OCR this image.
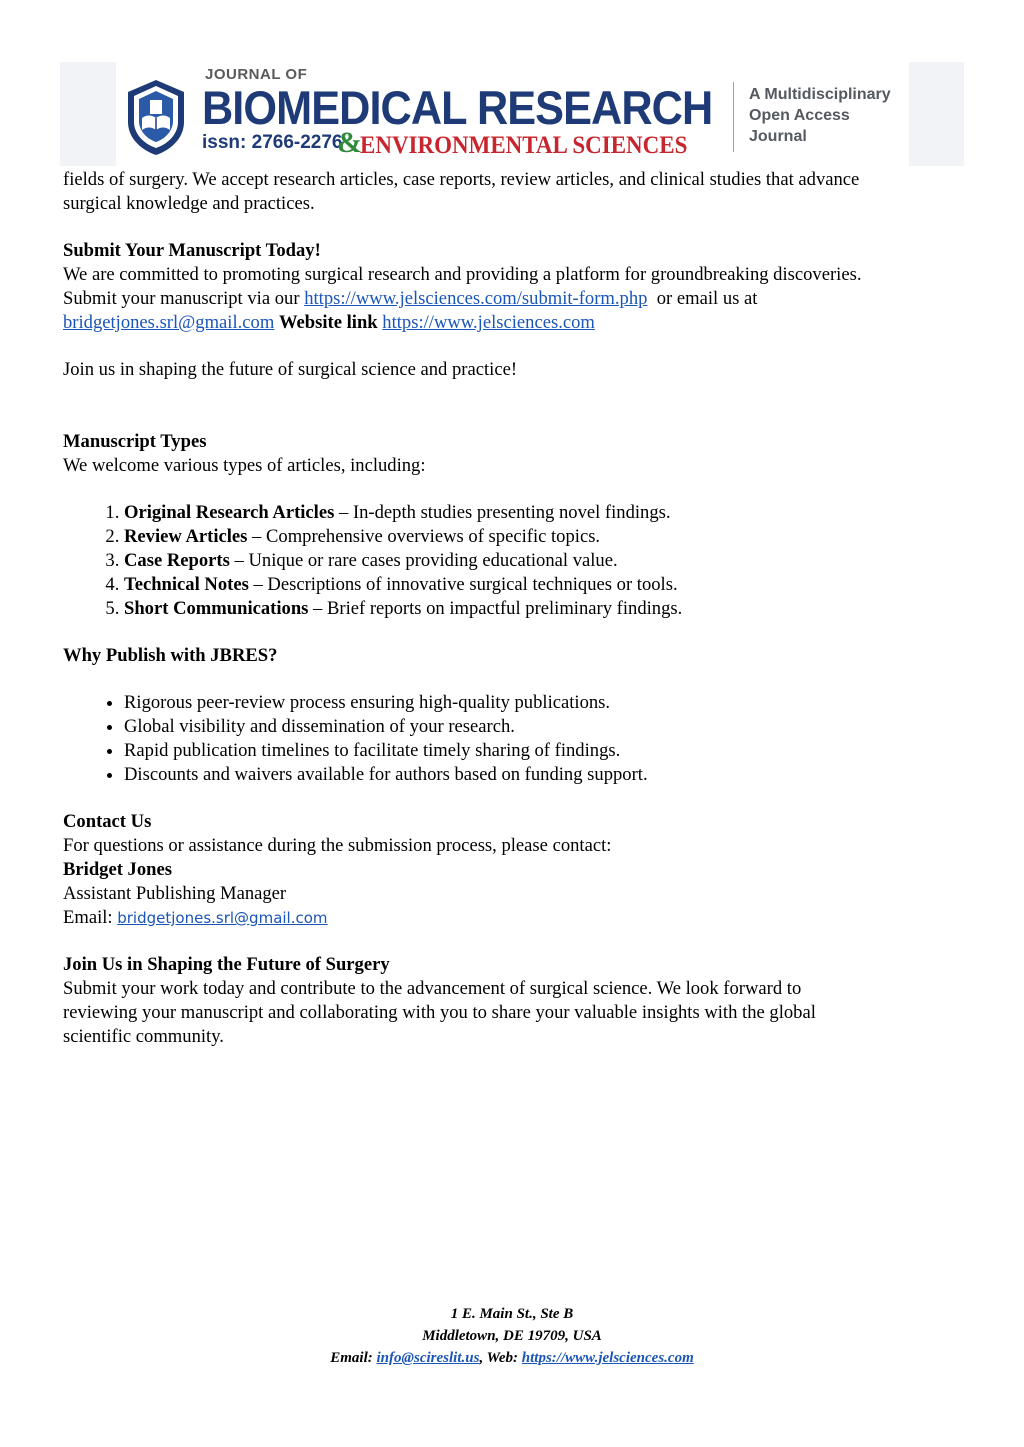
JOURNAL OF
BIOMEDICAL RESEARCH
issn: 2766-2276
&
ENVIRONMENTAL SCIENCES
A Multidisciplinary
Open Access
Journal

fields of surgery. We accept research articles, case reports, review articles, and clinical studies that advance

surgical knowledge and practices.

Submit Your Manuscript Today!

We are committed to promoting surgical research and providing a platform for groundbreaking discoveries.

Submit your manuscript via our https://www.jelsciences.com/submit-form.php  or email us at

bridgetjones.srl@gmail.com Website link https://www.jelsciences.com

Join us in shaping the future of surgical science and practice!

Manuscript Types

We welcome various types of articles, including:

1. Original Research Articles – In-depth studies presenting novel findings.
2. Review Articles – Comprehensive overviews of specific topics.
3. Case Reports – Unique or rare cases providing educational value.
4. Technical Notes – Descriptions of innovative surgical techniques or tools.
5. Short Communications – Brief reports on impactful preliminary findings.

Why Publish with JBRES?

• Rigorous peer-review process ensuring high-quality publications.
• Global visibility and dissemination of your research.
• Rapid publication timelines to facilitate timely sharing of findings.
• Discounts and waivers available for authors based on funding support.

Contact Us

For questions or assistance during the submission process, please contact:

Bridget Jones

Assistant Publishing Manager

Email: bridgetjones.srl@gmail.com

Join Us in Shaping the Future of Surgery

Submit your work today and contribute to the advancement of surgical science. We look forward to

reviewing your manuscript and collaborating with you to share your valuable insights with the global

scientific community.

1 E. Main St., Ste B
Middletown, DE 19709, USA
Email: info@scireslit.us, Web: https://www.jelsciences.com
